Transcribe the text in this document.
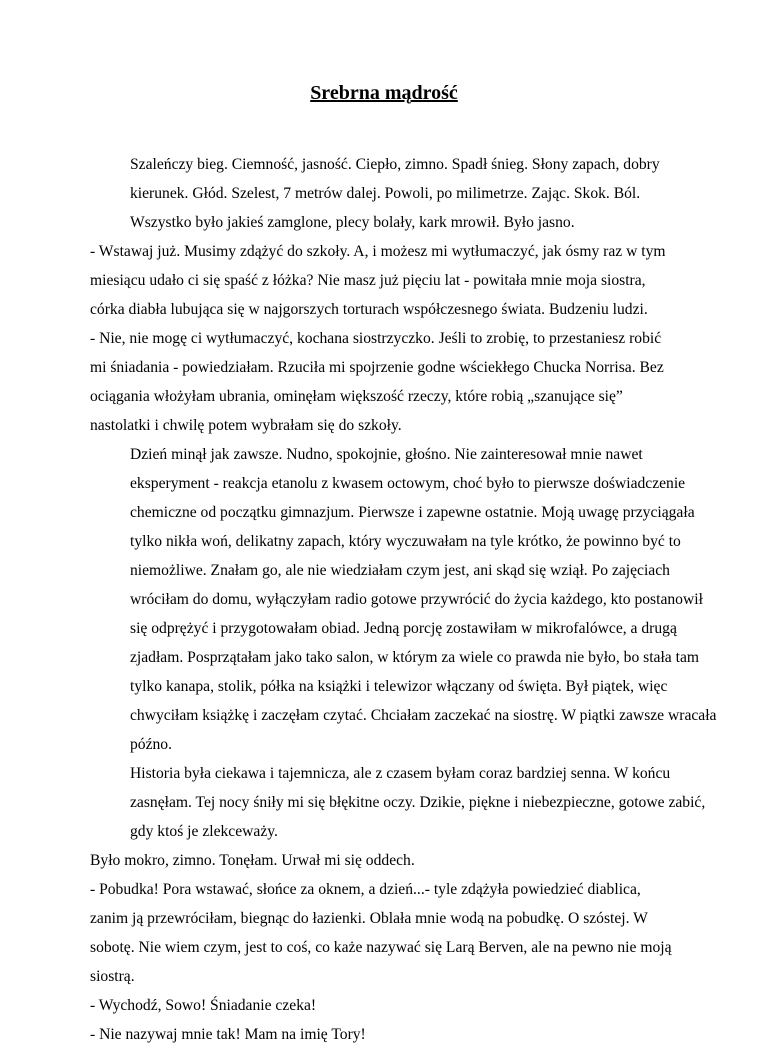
Srebrna mądrość

Szaleńczy bieg. Ciemność, jasność. Ciepło, zimno. Spadł śnieg. Słony zapach, dobry
kierunek. Głód. Szelest, 7 metrów dalej. Powoli, po milimetrze. Zając. Skok. Ból.
Wszystko było jakieś zamglone, plecy bolały, kark mrowił. Było jasno.

- Wstawaj już. Musimy zdążyć do szkoły. A, i możesz mi wytłumaczyć, jak ósmy raz w tym
miesiącu udało ci się spaść z łóżka? Nie masz już pięciu lat - powitała mnie moja siostra,
córka diabła lubująca się w najgorszych torturach współczesnego świata. Budzeniu ludzi.

- Nie, nie mogę ci wytłumaczyć, kochana siostrzyczko. Jeśli to zrobię, to przestaniesz robić
mi śniadania - powiedziałam. Rzuciła mi spojrzenie godne wściekłego Chucka Norrisa. Bez
ociągania włożyłam ubrania, ominęłam większość rzeczy, które robią „szanujące się”
nastolatki i chwilę potem wybrałam się do szkoły.

Dzień minął jak zawsze. Nudno, spokojnie, głośno. Nie zainteresował mnie nawet
eksperyment - reakcja etanolu z kwasem octowym, choć było to pierwsze doświadczenie
chemiczne od początku gimnazjum. Pierwsze i zapewne ostatnie. Moją uwagę przyciągała
tylko nikła woń, delikatny zapach, który wyczuwałam na tyle krótko, że powinno być to
niemożliwe. Znałam go, ale nie wiedziałam czym jest, ani skąd się wziął. Po zajęciach
wróciłam do domu, wyłączyłam radio gotowe przywrócić do życia każdego, kto postanowił
się odprężyć i przygotowałam obiad. Jedną porcję zostawiłam w mikrofalówce, a drugą
zjadłam. Posprzątałam jako tako salon, w którym za wiele co prawda nie było, bo stała tam
tylko kanapa, stolik, półka na książki i telewizor włączany od święta. Był piątek, więc
chwyciłam książkę i zaczęłam czytać. Chciałam zaczekać na siostrę. W piątki zawsze wracała
późno.

Historia była ciekawa i tajemnicza, ale z czasem byłam coraz bardziej senna. W końcu
zasnęłam. Tej nocy śniły mi się błękitne oczy. Dzikie, piękne i niebezpieczne, gotowe zabić,
gdy ktoś je zlekceważy.

Było mokro, zimno. Tonęłam. Urwał mi się oddech.

- Pobudka! Pora wstawać, słońce za oknem, a dzień...- tyle zdążyła powiedzieć diablica,
zanim ją przewróciłam, biegnąc do łazienki. Oblała mnie wodą na pobudkę. O szóstej. W
sobotę. Nie wiem czym, jest to coś, co każe nazywać się Larą Berven, ale na pewno nie moją
siostrą.

- Wychodź, Sowo! Śniadanie czeka!

- Nie nazywaj mnie tak! Mam na imię Tory!
